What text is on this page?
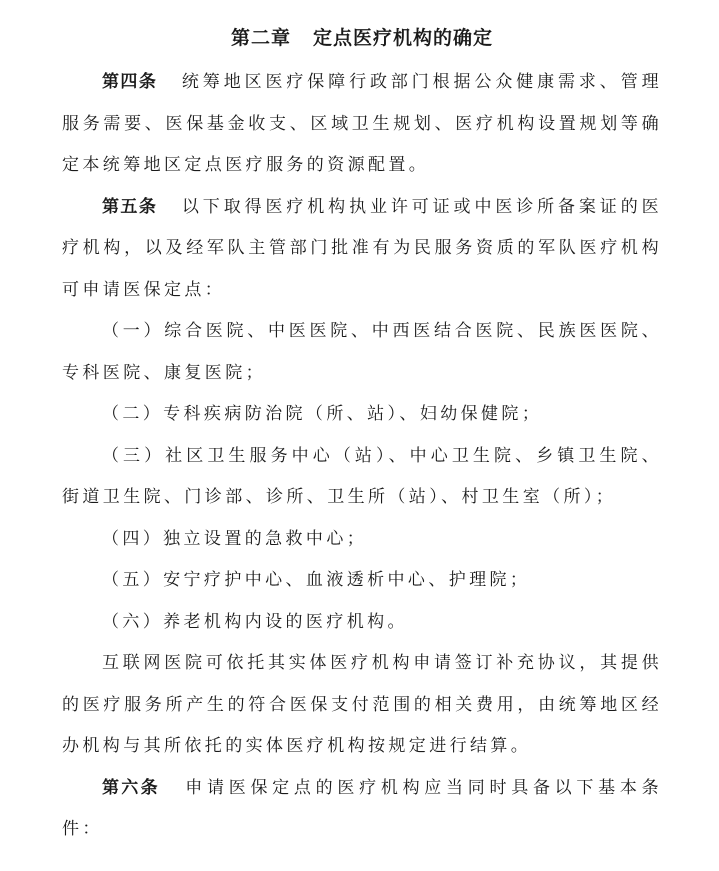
第二章 定点医疗机构的确定

第四条 统筹地区医疗保障行政部门根据公众健康需求、管理服务需要、医保基金收支、区域卫生规划、医疗机构设置规划等确定本统筹地区定点医疗服务的资源配置。

第五条 以下取得医疗机构执业许可证或中医诊所备案证的医疗机构，以及经军队主管部门批准有为民服务资质的军队医疗机构可申请医保定点：

（一）综合医院、中医医院、中西医结合医院、民族医医院、专科医院、康复医院；

（二）专科疾病防治院（所、站）、妇幼保健院；

（三）社区卫生服务中心（站）、中心卫生院、乡镇卫生院、街道卫生院、门诊部、诊所、卫生所（站）、村卫生室（所）；

（四）独立设置的急救中心；

（五）安宁疗护中心、血液透析中心、护理院；

（六）养老机构内设的医疗机构。

互联网医院可依托其实体医疗机构申请签订补充协议，其提供的医疗服务所产生的符合医保支付范围的相关费用，由统筹地区经办机构与其所依托的实体医疗机构按规定进行结算。

第六条 申请医保定点的医疗机构应当同时具备以下基本条件：
